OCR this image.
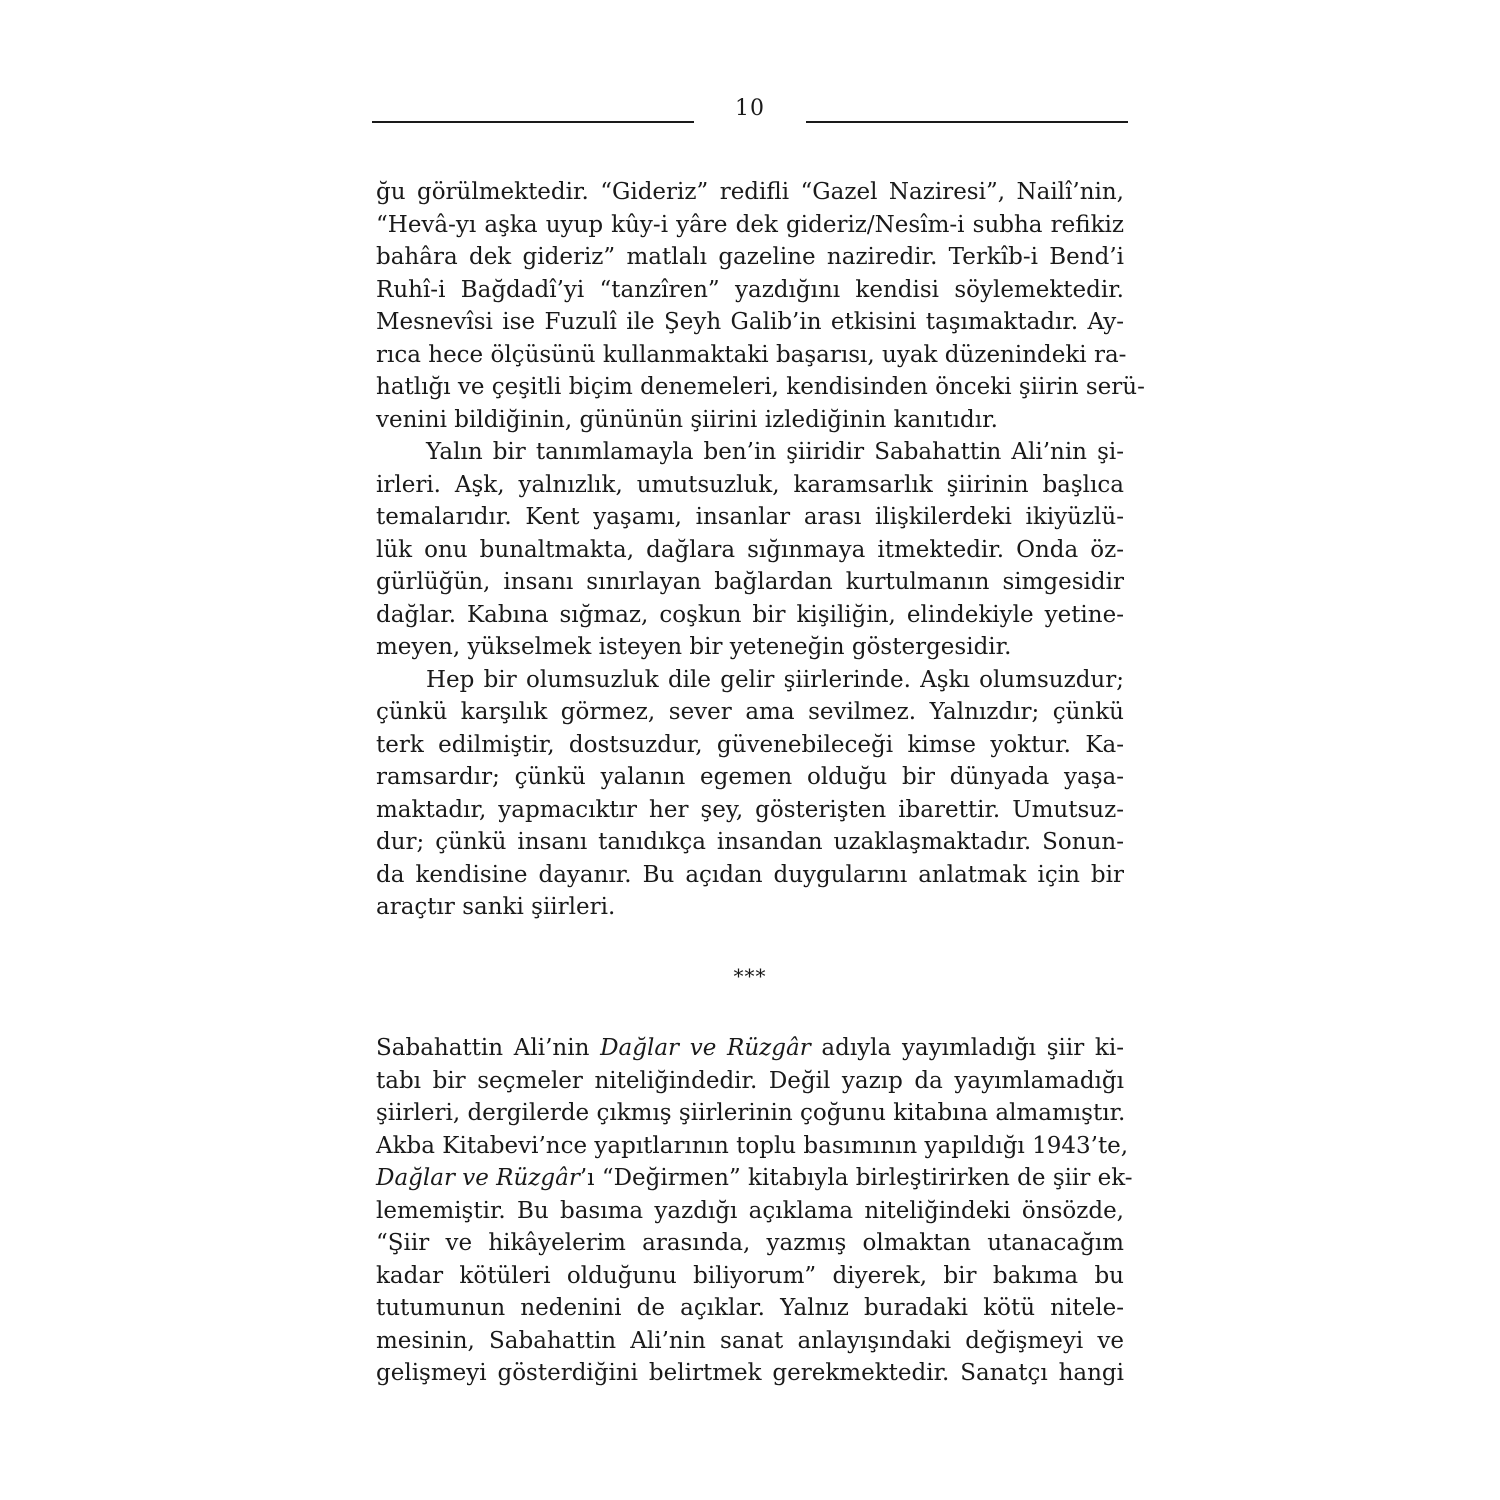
10
ğu görülmektedir. “Gideriz” redifli “Gazel Naziresi”, Nailî’nin,
“Hevâ-yı aşka uyup kûy-i yâre dek gideriz/Nesîm-i subha refikiz
bahâra dek gideriz” matlalı gazeline naziredir. Terkîb-i Bend’i
Ruhî-i Bağdadî’yi “tanzîren” yazdığını kendisi söylemektedir.
Mesnevîsi ise Fuzulî ile Şeyh Galib’in etkisini taşımaktadır. Ay-
rıca hece ölçüsünü kullanmaktaki başarısı, uyak düzenindeki ra-
hatlığı ve çeşitli biçim denemeleri, kendisinden önceki şiirin serü-
venini bildiğinin, gününün şiirini izlediğinin kanıtıdır.
Yalın bir tanımlamayla ben’in şiiridir Sabahattin Ali’nin şi-
irleri. Aşk, yalnızlık, umutsuzluk, karamsarlık şiirinin başlıca
temalarıdır. Kent yaşamı, insanlar arası ilişkilerdeki ikiyüzlü-
lük onu bunaltmakta, dağlara sığınmaya itmektedir. Onda öz-
gürlüğün, insanı sınırlayan bağlardan kurtulmanın simgesidir
dağlar. Kabına sığmaz, coşkun bir kişiliğin, elindekiyle yetine-
meyen, yükselmek isteyen bir yeteneğin göstergesidir.
Hep bir olumsuzluk dile gelir şiirlerinde. Aşkı olumsuzdur;
çünkü karşılık görmez, sever ama sevilmez. Yalnızdır; çünkü
terk edilmiştir, dostsuzdur, güvenebileceği kimse yoktur. Ka-
ramsardır; çünkü yalanın egemen olduğu bir dünyada yaşa-
maktadır, yapmacıktır her şey, gösterişten ibarettir. Umutsuz-
dur; çünkü insanı tanıdıkça insandan uzaklaşmaktadır. Sonun-
da kendisine dayanır. Bu açıdan duygularını anlatmak için bir
araçtır sanki şiirleri.
***
Sabahattin Ali’nin Dağlar ve Rüzgâr adıyla yayımladığı şiir ki-
tabı bir seçmeler niteliğindedir. Değil yazıp da yayımlamadığı
şiirleri, dergilerde çıkmış şiirlerinin çoğunu kitabına almamıştır.
Akba Kitabevi’nce yapıtlarının toplu basımının yapıldığı 1943’te,
Dağlar ve Rüzgâr’ı “Değirmen” kitabıyla birleştirirken de şiir ek-
lememiştir. Bu basıma yazdığı açıklama niteliğindeki önsözde,
“Şiir ve hikâyelerim arasında, yazmış olmaktan utanacağım
kadar kötüleri olduğunu biliyorum” diyerek, bir bakıma bu
tutumunun nedenini de açıklar. Yalnız buradaki kötü nitele-
mesinin, Sabahattin Ali’nin sanat anlayışındaki değişmeyi ve
gelişmeyi gösterdiğini belirtmek gerekmektedir. Sanatçı hangi
